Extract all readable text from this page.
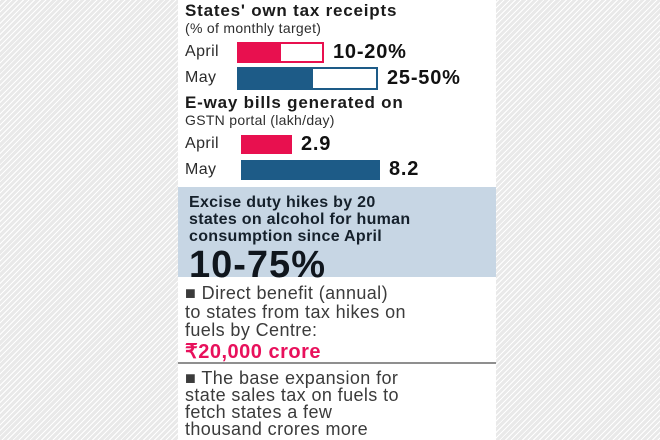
States' own tax receipts
(% of monthly target)
April	10-20%
May	25-50%
E-way bills generated on
GSTN portal (lakh/day)
April	2.9
May	8.2
Excise duty hikes by 20
states on alcohol for human
consumption since April
10-75%
■ Direct benefit (annual)
to states from tax hikes on
fuels by Centre:
₹20,000 crore
■ The base expansion for
state sales tax on fuels to
fetch states a few
thousand crores more
